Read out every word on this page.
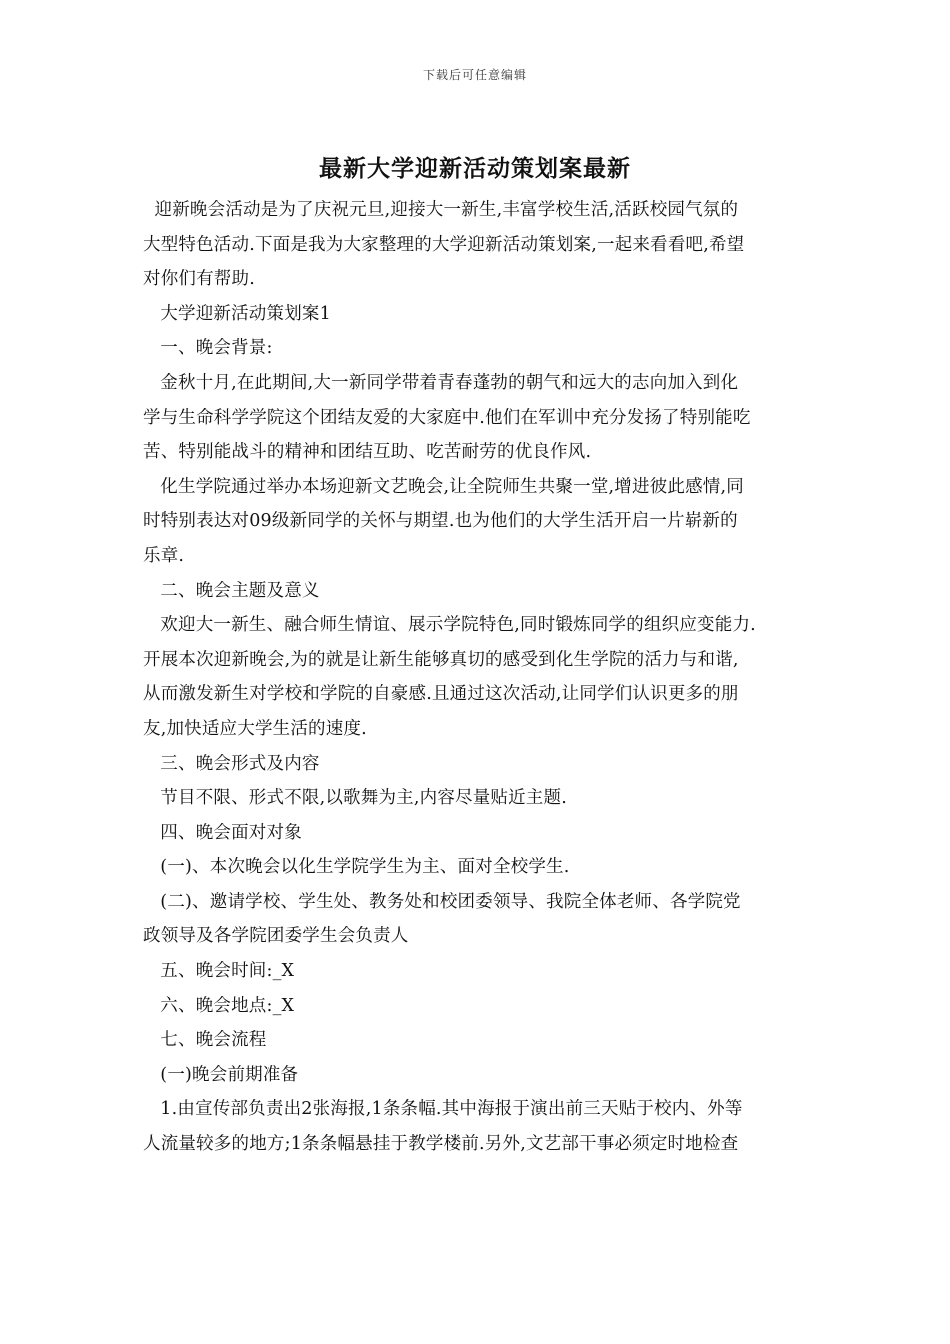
下载后可任意编辑
最新大学迎新活动策划案最新
迎新晚会活动是为了庆祝元旦,迎接大一新生,丰富学校生活,活跃校园气氛的
大型特色活动.下面是我为大家整理的大学迎新活动策划案,一起来看看吧,希望
对你们有帮助.
大学迎新活动策划案1
一、晚会背景:
金秋十月,在此期间,大一新同学带着青春蓬勃的朝气和远大的志向加入到化
学与生命科学学院这个团结友爱的大家庭中.他们在军训中充分发扬了特别能吃
苦、特别能战斗的精神和团结互助、吃苦耐劳的优良作风.
化生学院通过举办本场迎新文艺晚会,让全院师生共聚一堂,增进彼此感情,同
时特别表达对09级新同学的关怀与期望.也为他们的大学生活开启一片崭新的
乐章.
二、晚会主题及意义
欢迎大一新生、融合师生情谊、展示学院特色,同时锻炼同学的组织应变能力.
开展本次迎新晚会,为的就是让新生能够真切的感受到化生学院的活力与和谐,
从而激发新生对学校和学院的自豪感.且通过这次活动,让同学们认识更多的朋
友,加快适应大学生活的速度.
三、晚会形式及内容
节目不限、形式不限,以歌舞为主,内容尽量贴近主题.
四、晚会面对对象
(一)、本次晚会以化生学院学生为主、面对全校学生.
(二)、邀请学校、学生处、教务处和校团委领导、我院全体老师、各学院党
政领导及各学院团委学生会负责人
五、晚会时间:_X
六、晚会地点:_X
七、晚会流程
(一)晚会前期准备
1.由宣传部负责出2张海报,1条条幅.其中海报于演出前三天贴于校内、外等
人流量较多的地方;1条条幅悬挂于教学楼前.另外,文艺部干事必须定时地检查
